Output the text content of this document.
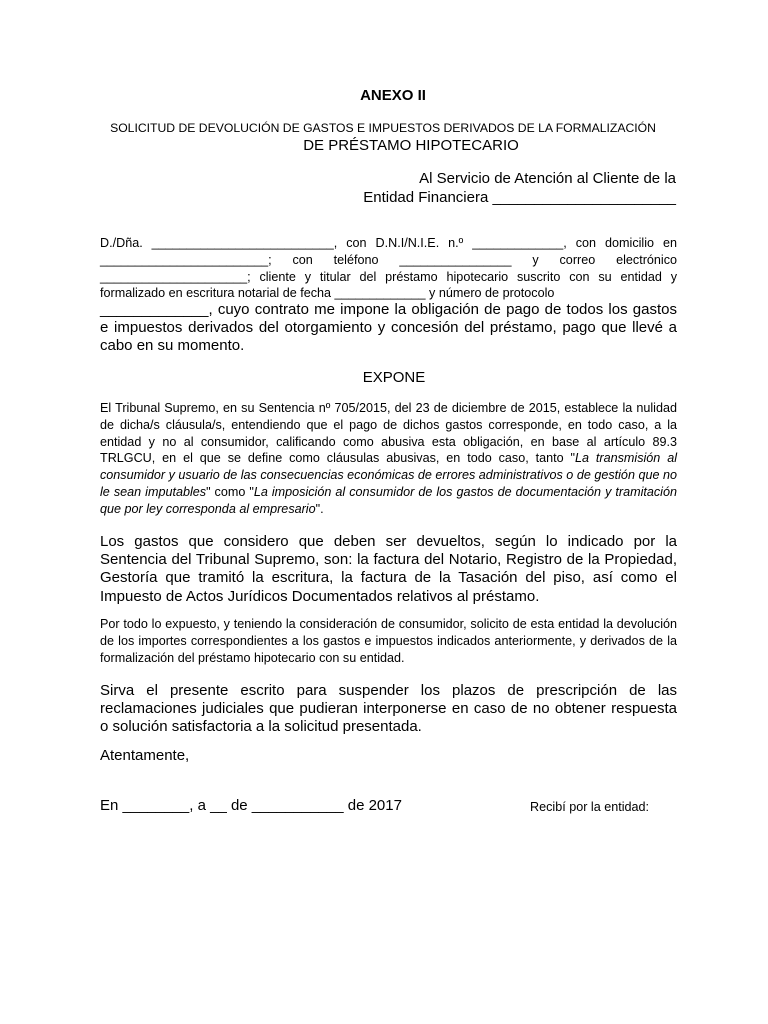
ANEXO II
SOLICITUD DE DEVOLUCIÓN DE GASTOS E IMPUESTOS DERIVADOS DE LA FORMALIZACIÓN
DE PRÉSTAMO HIPOTECARIO
Al Servicio de Atención al Cliente de la
Entidad Financiera ______________________

D./Dña. __________________________, con D.N.I/N.I.E. n.º _____________, con domicilio en ________________________; con teléfono ________________ y correo electrónico _____________________; cliente y titular del préstamo hipotecario suscrito con su entidad y formalizado en escritura notarial de fecha _____________ y número de protocolo

_____________, cuyo contrato me impone la obligación de pago de todos los gastos e impuestos derivados del otorgamiento y concesión del préstamo, pago que llevé a cabo en su momento.

EXPONE

El Tribunal Supremo, en su Sentencia nº 705/2015, del 23 de diciembre de 2015, establece la nulidad de dicha/s cláusula/s, entendiendo que el pago de dichos gastos corresponde, en todo caso, a la entidad y no al consumidor, calificando como abusiva esta obligación, en base al artículo 89.3 TRLGCU, en el que se define como cláusulas abusivas, en todo caso, tanto "La transmisión al consumidor y usuario de las consecuencias económicas de errores administrativos o de gestión que no le sean imputables" como "La imposición al consumidor de los gastos de documentación y tramitación que por ley corresponda al empresario".

Los gastos que considero que deben ser devueltos, según lo indicado por la Sentencia del Tribunal Supremo, son: la factura del Notario, Registro de la Propiedad, Gestoría que tramitó la escritura, la factura de la Tasación del piso, así como el Impuesto de Actos Jurídicos Documentados relativos al préstamo.

Por todo lo expuesto, y teniendo la consideración de consumidor, solicito de esta entidad la devolución de los importes correspondientes a los gastos e impuestos indicados anteriormente, y derivados de la formalización del préstamo hipotecario con su entidad.

Sirva el presente escrito para suspender los plazos de prescripción de las reclamaciones judiciales que pudieran interponerse en caso de no obtener respuesta o solución satisfactoria a la solicitud presentada.

Atentamente,
En ________, a __ de ___________ de 2017	Recibí por la entidad:
